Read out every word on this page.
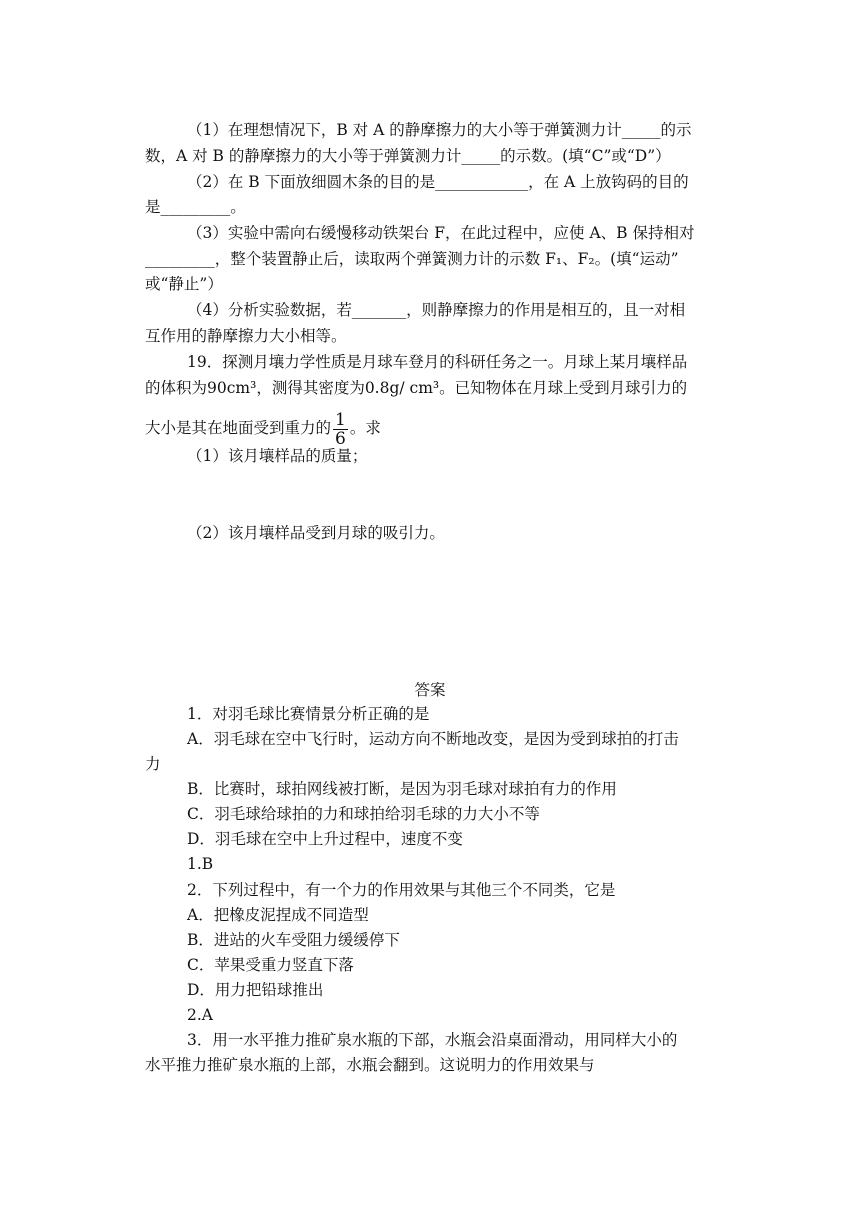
（1）在理想情况下，B 对 A 的静摩擦力的大小等于弹簧测力计_____的示
数，A 对 B 的静摩擦力的大小等于弹簧测力计_____的示数。(填“C”或“D”）
（2）在 B 下面放细圆木条的目的是____________，在 A 上放钩码的目的
是_________。
（3）实验中需向右缓慢移动铁架台 F，在此过程中，应使 A、B 保持相对
_________，整个装置静止后，读取两个弹簧测力计的示数 F₁、F₂。(填“运动”
或“静止”）
（4）分析实验数据，若_______，则静摩擦力的作用是相互的，且一对相
互作用的静摩擦力大小相等。
19．探测月壤力学性质是月球车登月的科研任务之一。月球上某月壤样品
的体积为90cm³，测得其密度为0.8g/ cm³。已知物体在月球上受到月球引力的
大小是其在地面受到重力的 $\frac{1}{6}$ 。求
（1）该月壤样品的质量；
（2）该月壤样品受到月球的吸引力。
答案
1．对羽毛球比赛情景分析正确的是
A．羽毛球在空中飞行时，运动方向不断地改变，是因为受到球拍的打击
力
B．比赛时，球拍网线被打断，是因为羽毛球对球拍有力的作用
C．羽毛球给球拍的力和球拍给羽毛球的力大小不等
D．羽毛球在空中上升过程中，速度不变
1.B
2．下列过程中，有一个力的作用效果与其他三个不同类，它是
A．把橡皮泥捏成不同造型
B．进站的火车受阻力缓缓停下
C．苹果受重力竖直下落
D．用力把铅球推出
2.A
3．用一水平推力推矿泉水瓶的下部，水瓶会沿桌面滑动，用同样大小的
水平推力推矿泉水瓶的上部，水瓶会翻到。这说明力的作用效果与
